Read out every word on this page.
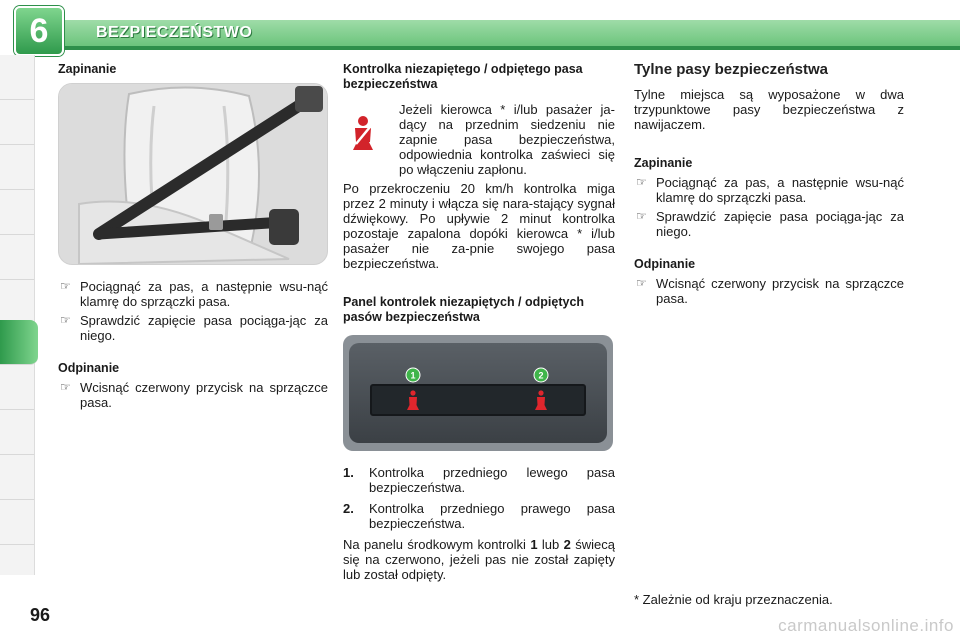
6	BEZPIECZEŃSTWO
Zapinanie
☞ Pociągnąć za pas, a następnie wsu-nąć klamrę do sprzączki pasa.
☞ Sprawdzić zapięcie pasa pociąga-jąc za niego.
Odpinanie
☞ Wcisnąć czerwony przycisk na sprzączce pasa.
Kontrolka niezapiętego / odpiętego pasa bezpieczeństwa

Jeżeli kierowca * i/lub pasażer ja-dący na przednim siedzeniu nie zapnie pasa bezpieczeństwa, odpowiednia kontrolka zaświeci się po włączeniu zapłonu.

Po przekroczeniu 20 km/h kontrolka miga przez 2 minuty i włącza się nara-stający sygnał dźwiękowy. Po upływie 2 minut kontrolka pozostaje zapalona dopóki kierowca * i/lub pasażer nie za-pnie swojego pasa bezpieczeństwa.

Panel kontrolek niezapiętych / odpiętych pasów bezpieczeństwa
1	2
1. Kontrolka przedniego lewego pasa bezpieczeństwa.
2. Kontrolka przedniego prawego pasa bezpieczeństwa.

Na panelu środkowym kontrolki 1 lub 2 świecą się na czerwono, jeżeli pas nie został zapięty lub został odpięty.

Tylne pasy bezpieczeństwa

Tylne miejsca są wyposażone w dwa trzypunktowe pasy bezpieczeństwa z nawijaczem.

Zapinanie
☞ Pociągnąć za pas, a następnie wsu-nąć klamrę do sprzączki pasa.
☞ Sprawdzić zapięcie pasa pociąga-jąc za niego.
Odpinanie
☞ Wcisnąć czerwony przycisk na sprzączce pasa.
* Zależnie od kraju przeznaczenia.
96
carmanualsonline.info
